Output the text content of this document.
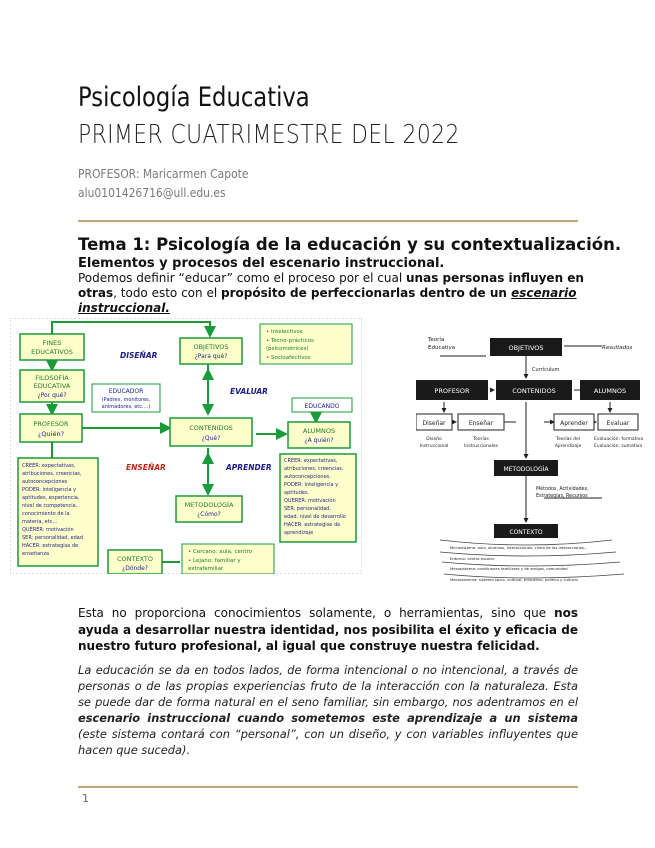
Psicología Educativa
PRIMER CUATRIMESTRE DEL 2022
PROFESOR: Maricarmen Capote
alu0101426716@ull.edu.es
Tema 1: Psicología de la educación y su contextualización.
Elementos y procesos del escenario instruccional.
Podemos definir “educar” como el proceso por el cual unas personas influyen en otras, todo esto con el propósito de perfeccionarlas dentro de un escenario instruccional.
FINES
EDUCATIVOS
FILOSOFÍA
EDUCATIVA
¿Por qué?
PROFESOR
¿Quién?
EDUCADOR
(Padres, monitores,
animadores, etc....)
CREER: expectativas,
atribuciones, creencias,
autoconcepciones
PODER: inteligencia y
aptitudes, experiencia,
nivel de competencia,
conocimiento de la
materia, etc...
QUERER: motivación
SER: personalidad, edad
HACER: estrategias de
enseñanza
OBJETIVOS
¿Para qué?
• Intelectivos
• Tecno-prácticos
(psicomotrices)
• Socioafectivos
CONTENIDOS
¿Qué?
EDUCANDO
ALUMNOS
¿A quién?
CREER: expectativas,
atribuciones, creencias,
autoconcepciones.
PODER: inteligencia y
aptitudes.
QUERER: motivación
SER: personalidad,
edad, nivel de desarrollo
HACER: estrategias de
aprendizaje
METODOLOGÍA
¿Cómo?
CONTEXTO
¿Dónde?
• Cercano: aula, centro
• Lejano: familiar y
extrafamiliar
DISEÑAR
EVALUAR
ENSEÑAR	APRENDER
Teoría
Educativa	OBJETIVOS	Resultados
Currículum
PROFESOR	CONTENIDOS	ALUMNOS
Diseñar	Enseñar	Aprender	Evaluar
Diseño
Instruccional
Teorías
Instruccionales
Teorías del
Aprendizaje
Evaluación: formativa
Evaluación: sumativa
METODOLOGÍA
Métodos, Actividades,
Estrategias, Recursos
CONTEXTO
Microsistema: aula, alumnos, interacciones, clima de las interacciones...
Entorno: centro escolar
Mesosistema: condiciones familiares y de amigos, comunidad
Macrosistema: sistema socio, cultural, educativo, político y cultural
Esta no proporciona conocimientos solamente, o herramientas, sino que nos ayuda a desarrollar nuestra identidad, nos posibilita el éxito y eficacia de nuestro futuro profesional, al igual que construye nuestra felicidad.
La educación se da en todos lados, de forma intencional o no intencional, a través de personas o de las propias experiencias fruto de la interacción con la naturaleza. Esta se puede dar de forma natural en el seno familiar, sin embargo, nos adentramos en el escenario instruccional cuando sometemos este aprendizaje a un sistema (este sistema contará con “personal”, con un diseño, y con variables influyentes que hacen que suceda).
1
